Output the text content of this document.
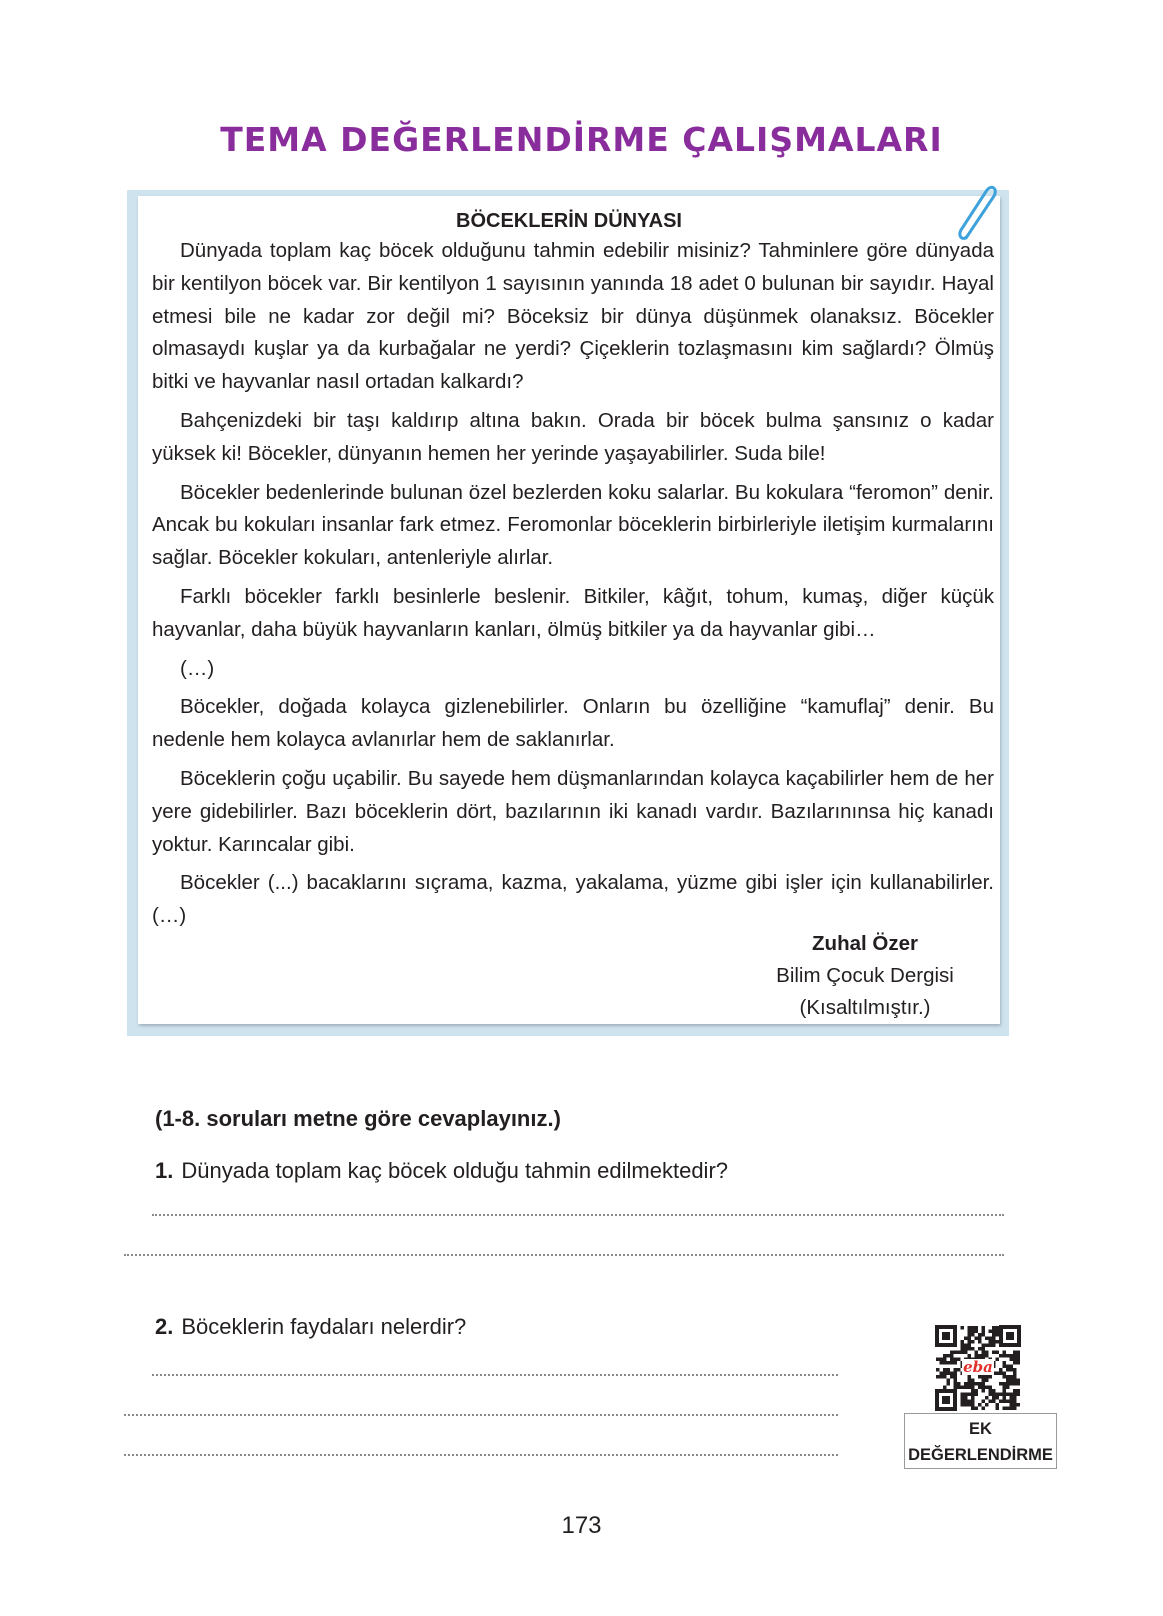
TEMA DEĞERLENDİRME ÇALIŞMALARI
BÖCEKLERİN DÜNYASI

Dünyada toplam kaç böcek olduğunu tahmin edebilir misiniz? Tahminlere göre dünyada bir kentilyon böcek var. Bir kentilyon 1 sayısının yanında 18 adet 0 bulunan bir sayıdır. Hayal etmesi bile ne kadar zor değil mi? Böceksiz bir dünya düşünmek olanaksız. Böcekler olmasaydı kuşlar ya da kurbağalar ne yerdi? Çiçeklerin tozlaşmasını kim sağlardı? Ölmüş bitki ve hayvanlar nasıl ortadan kalkardı?

Bahçenizdeki bir taşı kaldırıp altına bakın. Orada bir böcek bulma şansınız o kadar yüksek ki! Böcekler, dünyanın hemen her yerinde yaşayabilirler. Suda bile!

Böcekler bedenlerinde bulunan özel bezlerden koku salarlar. Bu kokulara “feromon” denir. Ancak bu kokuları insanlar fark etmez. Feromonlar böceklerin birbirleriyle iletişim kurmalarını sağlar. Böcekler kokuları, antenleriyle alırlar.

Farklı böcekler farklı besinlerle beslenir. Bitkiler, kâğıt, tohum, kumaş, diğer küçük hayvanlar, daha büyük hayvanların kanları, ölmüş bitkiler ya da hayvanlar gibi…

(…)

Böcekler, doğada kolayca gizlenebilirler. Onların bu özelliğine “kamuflaj” denir. Bu nedenle hem kolayca avlanırlar hem de saklanırlar.

Böceklerin çoğu uçabilir. Bu sayede hem düşmanlarından kolayca kaçabilirler hem de her yere gidebilirler. Bazı böceklerin dört, bazılarının iki kanadı vardır. Bazılarınınsa hiç kanadı yoktur. Karıncalar gibi.

Böcekler (...) bacaklarını sıçrama, kazma, yakalama, yüzme gibi işler için kullanabilirler. (…)

Zuhal Özer
Bilim Çocuk Dergisi
(Kısaltılmıştır.)

(1-8. soruları metne göre cevaplayınız.)

1. Dünyada toplam kaç böcek olduğu tahmin edilmektedir?

2. Böceklerin faydaları nelerdir?

eba
EK
DEĞERLENDİRME
173
